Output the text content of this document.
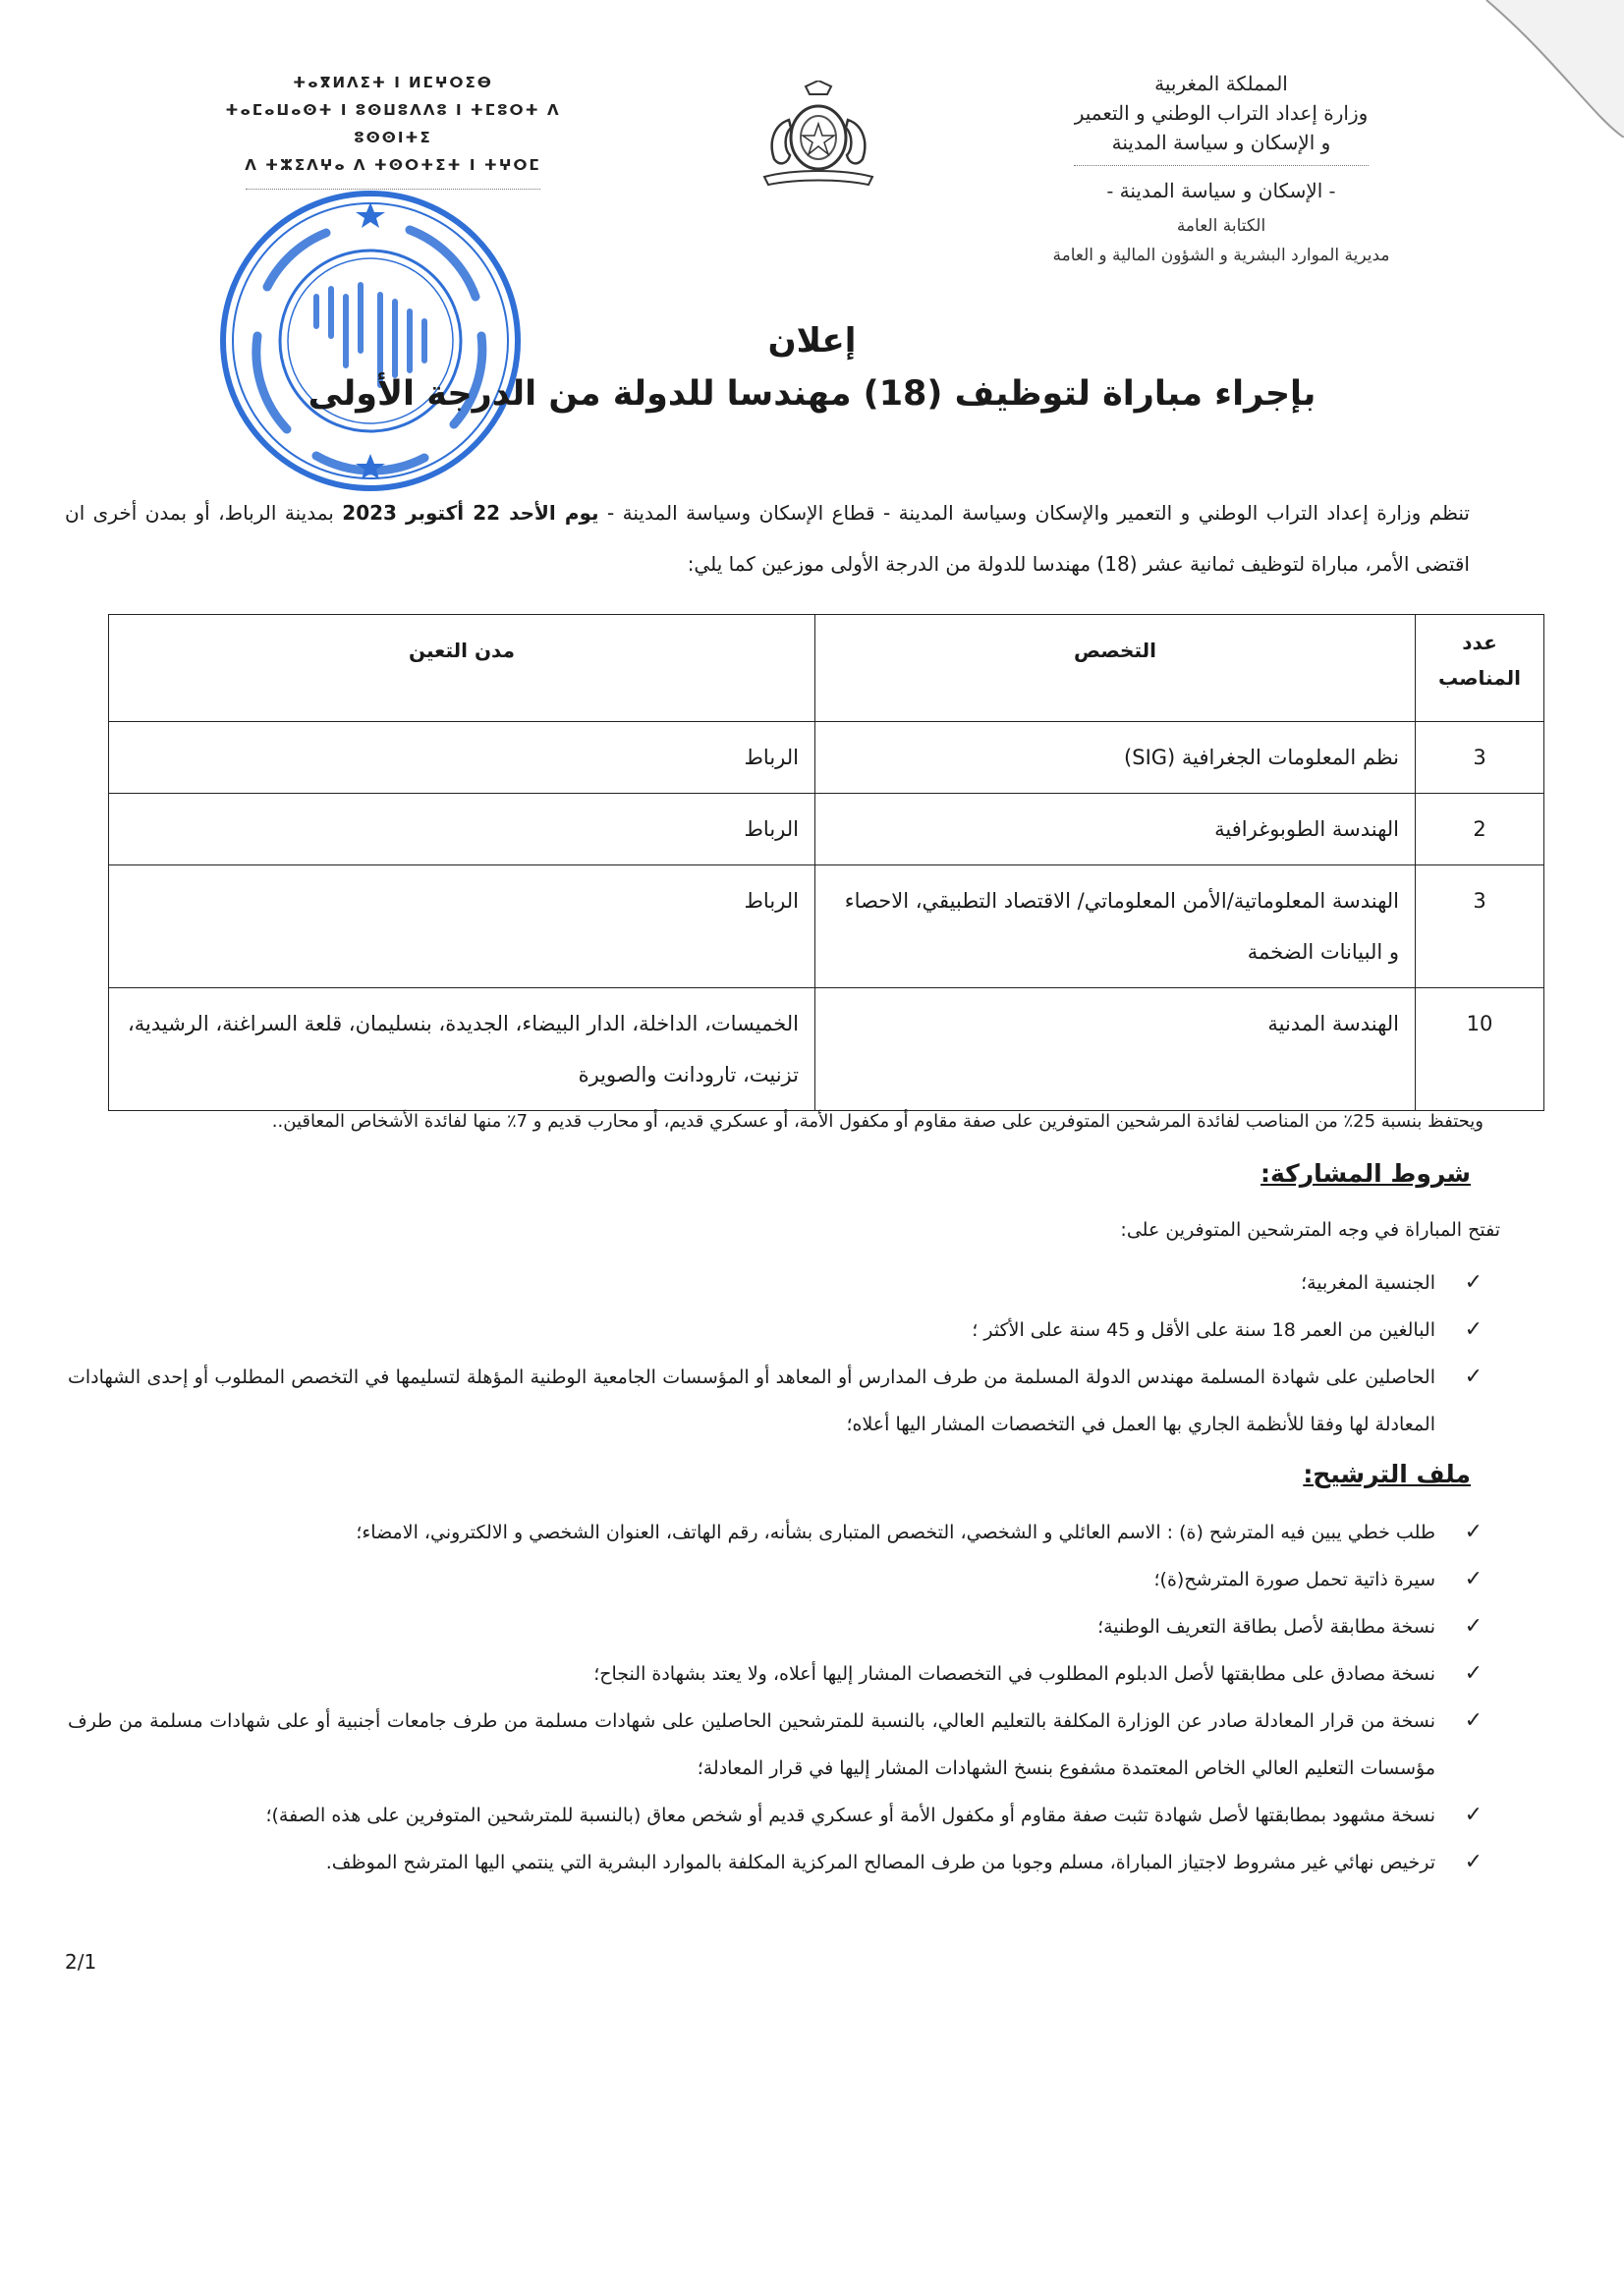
المملكة المغربية
وزارة إعداد التراب الوطني و التعمير
و الإسكان و سياسة المدينة
- الإسكان و سياسة المدينة -
الكتابة العامة
مديرية الموارد البشرية و الشؤون المالية و العامة
ⵜⴰⴳⵍⴷⵉⵜ ⵏ ⵍⵎⵖⵔⵉⴱ
ⵜⴰⵎⴰⵡⴰⵙⵜ ⵏ ⵓⵙⵡⵓⴷⴷⵓ ⵏ ⵜⵎⵓⵔⵜ ⴷ ⵓⵙⵙⵏⵜⵉ
ⴷ ⵜⵣⵉⴷⵖⴰ ⴷ ⵜⵙⵔⵜⵉⵜ ⵏ ⵜⵖⵔⵎ
إعلان
بإجراء مباراة لتوظيف (18) مهندسا للدولة من الدرجة الأولى
تنظم وزارة إعداد التراب الوطني و التعمير والإسكان وسياسة المدينة - قطاع الإسكان وسياسة المدينة - يوم الأحد 22 أكتوبر 2023 بمدينة الرباط، أو بمدن أخرى ان اقتضى الأمر، مباراة لتوظيف ثمانية عشر (18) مهندسا للدولة من الدرجة الأولى موزعين كما يلي:
عدد المناصب	التخصص	مدن التعين
3	نظم المعلومات الجغرافية (SIG)	الرباط
2	الهندسة الطوبوغرافية	الرباط
3	الهندسة المعلوماتية/الأمن المعلوماتي/ الاقتصاد التطبيقي، الاحصاء و البيانات الضخمة	الرباط
10	الهندسة المدنية	الخميسات، الداخلة، الدار البيضاء، الجديدة، بنسليمان، قلعة السراغنة، الرشيدية، تزنيت، تارودانت والصويرة
ويحتفظ بنسبة 25٪ من المناصب لفائدة المرشحين المتوفرين على صفة مقاوم أو مكفول الأمة، أو عسكري قديم، أو محارب قديم و 7٪ منها لفائدة الأشخاص المعاقين..
شروط المشاركة:
تفتح المباراة في وجه المترشحين المتوفرين على:
✓
الجنسية المغربية؛
✓
البالغين من العمر 18 سنة على الأقل و 45 سنة على الأكثر ؛
✓
الحاصلين على شهادة المسلمة مهندس الدولة المسلمة من طرف المدارس أو المعاهد أو المؤسسات الجامعية الوطنية المؤهلة لتسليمها في التخصص المطلوب أو إحدى الشهادات المعادلة لها وفقا للأنظمة الجاري بها العمل في التخصصات المشار اليها أعلاه؛
ملف الترشيح:
✓
طلب خطي يبين فيه المترشح (ة) : الاسم العائلي و الشخصي، التخصص المتبارى بشأنه، رقم الهاتف، العنوان الشخصي و الالكتروني، الامضاء؛
✓
سيرة ذاتية تحمل صورة المترشح(ة)؛
✓
نسخة مطابقة لأصل بطاقة التعريف الوطنية؛
✓
نسخة مصادق على مطابقتها لأصل الدبلوم المطلوب في التخصصات المشار إليها أعلاه، ولا يعتد بشهادة النجاح؛
✓
نسخة من قرار المعادلة صادر عن الوزارة المكلفة بالتعليم العالي، بالنسبة للمترشحين الحاصلين على شهادات مسلمة من طرف جامعات أجنبية أو على شهادات مسلمة من طرف مؤسسات التعليم العالي الخاص المعتمدة مشفوع بنسخ الشهادات المشار إليها في قرار المعادلة؛
✓
نسخة مشهود بمطابقتها لأصل شهادة تثبت صفة مقاوم أو مكفول الأمة أو عسكري قديم أو شخص معاق (بالنسبة للمترشحين المتوفرين على هذه الصفة)؛
✓
ترخيص نهائي غير مشروط لاجتياز المباراة، مسلم وجوبا من طرف المصالح المركزية المكلفة بالموارد البشرية التي ينتمي اليها المترشح الموظف.
2/1
